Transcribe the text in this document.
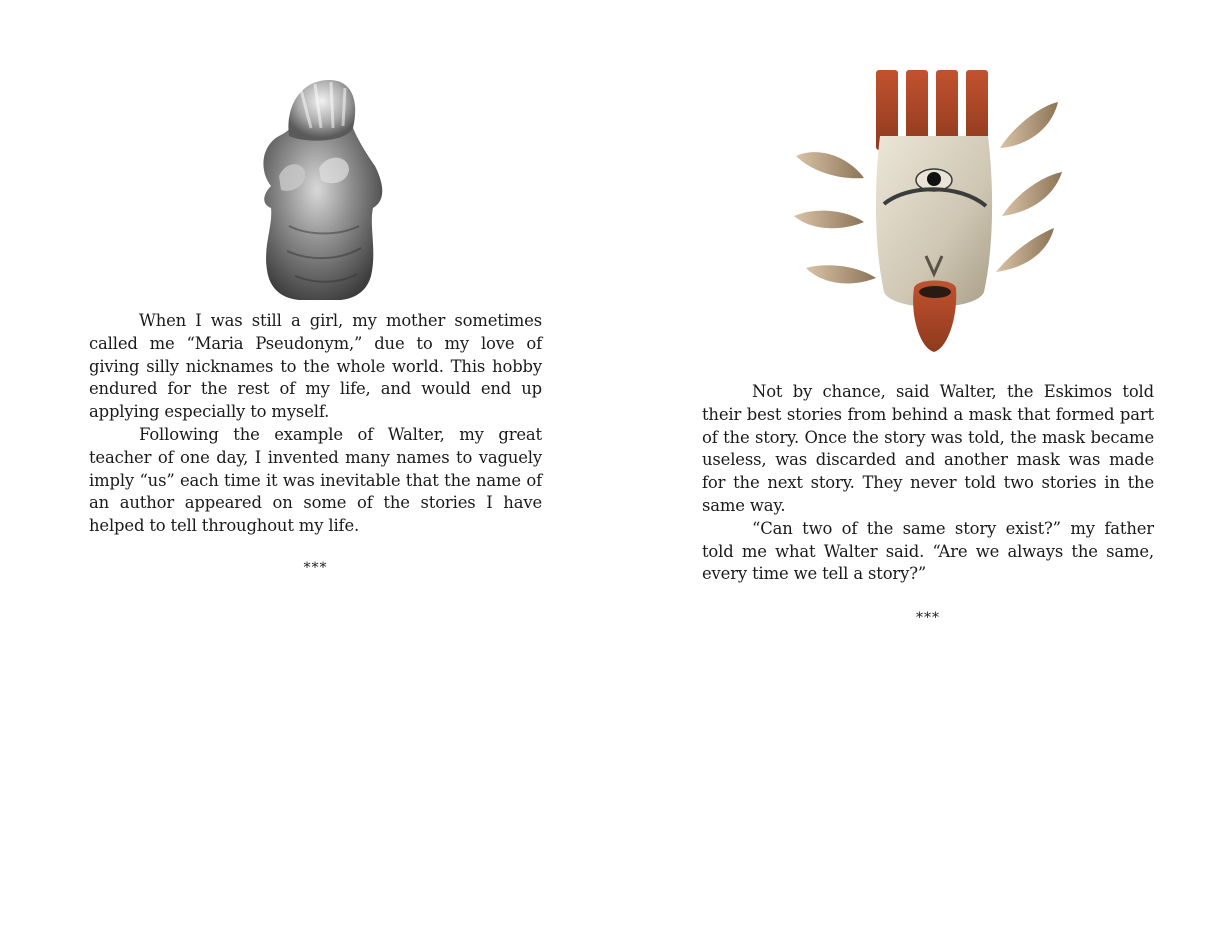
When I was still a girl, my mother sometimes called me “Maria Pseudonym,” due to my love of giving silly nicknames to the whole world. This hobby endured for the rest of my life, and would end up applying especially to myself.

Following the example of Walter, my great teacher of one day, I invented many names to vaguely imply “us” each time it was inevitable that the name of an author appeared on some of the stories I have helped to tell throughout my life.

***

Not by chance, said Walter, the Eskimos told their best stories from behind a mask that formed part of the story. Once the story was told, the mask became useless, was discarded and another mask was made for the next story. They never told two stories in the same way.

“Can two of the same story exist?” my father told me what Walter said. “Are we always the same, every time we tell a story?”

***
